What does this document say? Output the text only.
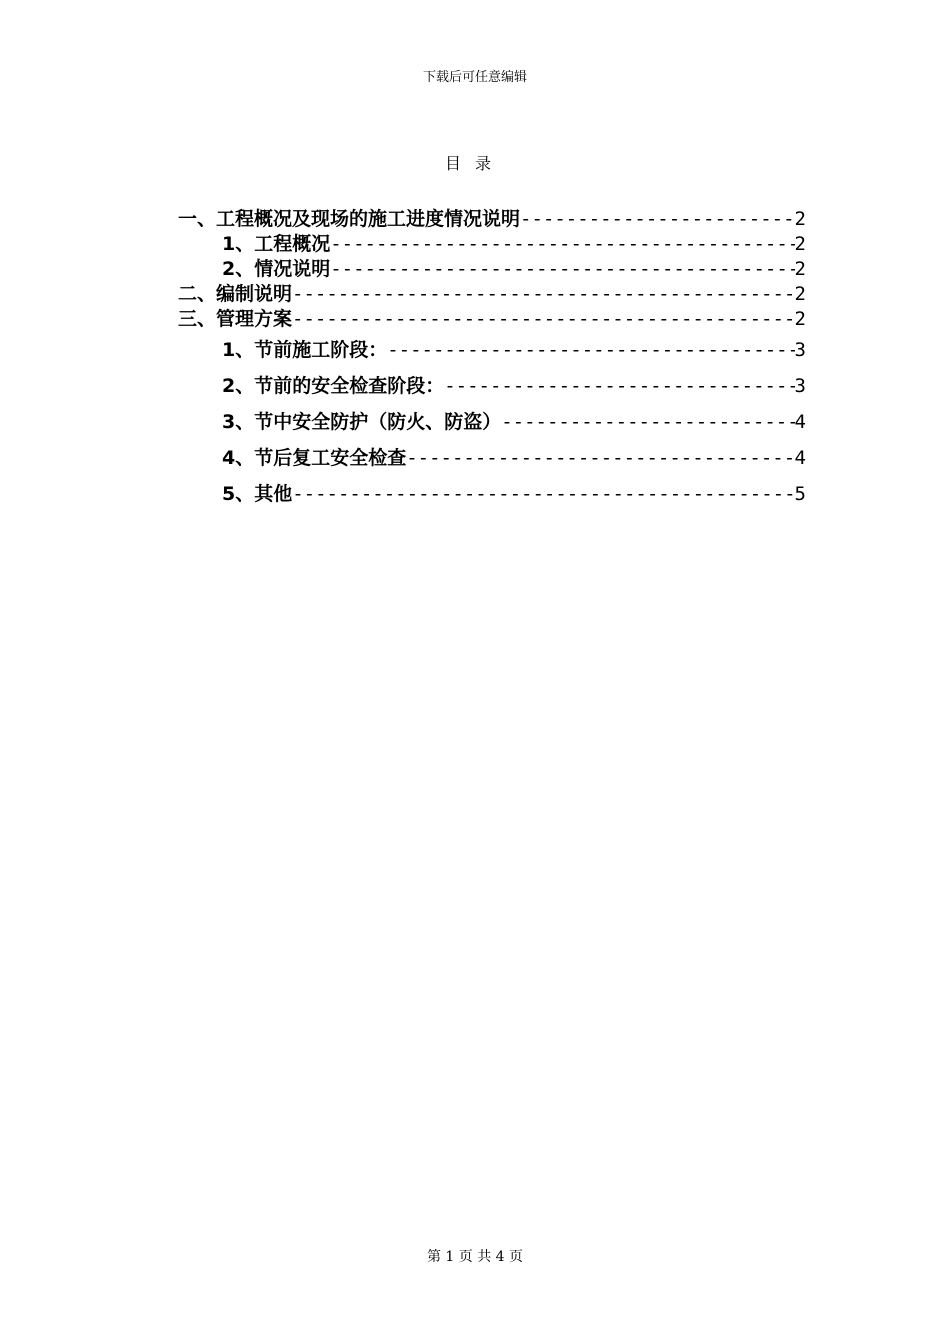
下载后可任意编辑
目录
一、工程概况及现场的施工进度情况说明 -----	2
1、工程概况 -----	2
2、情况说明 -----	2
二、编制说明 -----	2
三、管理方案 -----	2
1、节前施工阶段： -----	3
2、节前的安全检查阶段： -----	3
3、节中安全防护（防火、防盗） -----	4
4、节后复工安全检查 -----	4
5、其他 -----	5
第 1 页 共 4 页
